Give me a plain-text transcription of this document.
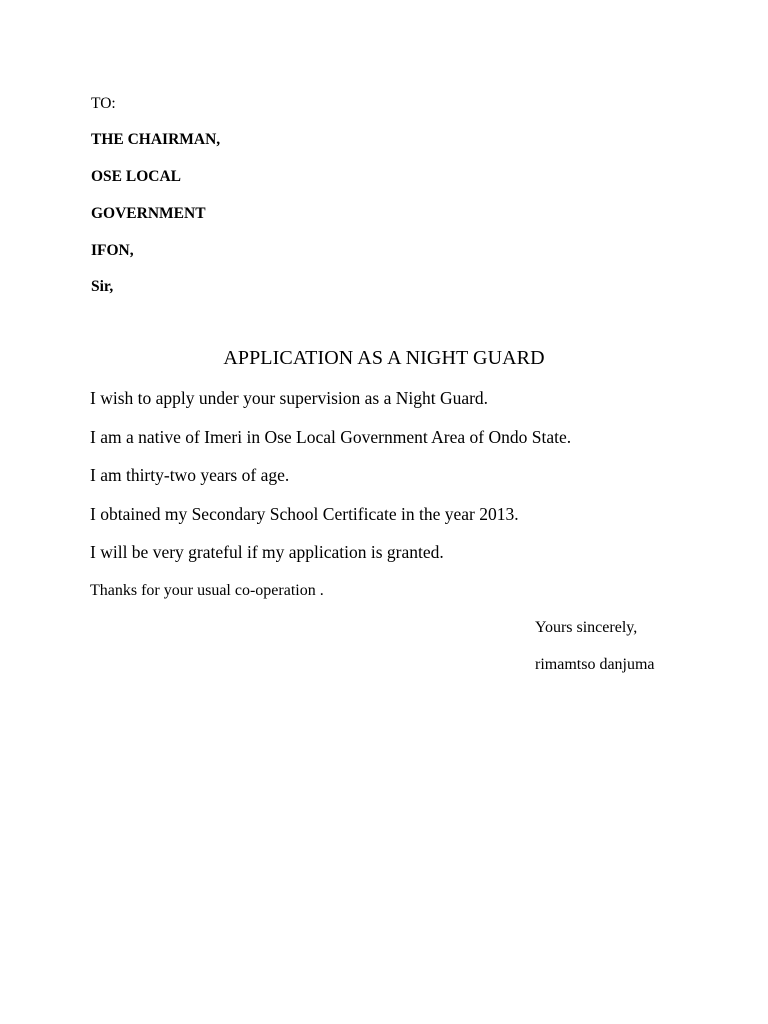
TO:
THE CHAIRMAN,
OSE LOCAL
GOVERNMENT
IFON,
Sir,
APPLICATION AS A NIGHT GUARD
I wish to apply under your supervision as a Night Guard.
I am a native of Imeri in Ose Local Government Area of Ondo State.
I am thirty-two years of age.
I obtained my Secondary School Certificate in the year 2013.
I will be very grateful if my application is granted.
Thanks for your usual co-operation .
Yours sincerely,
rimamtso danjuma
